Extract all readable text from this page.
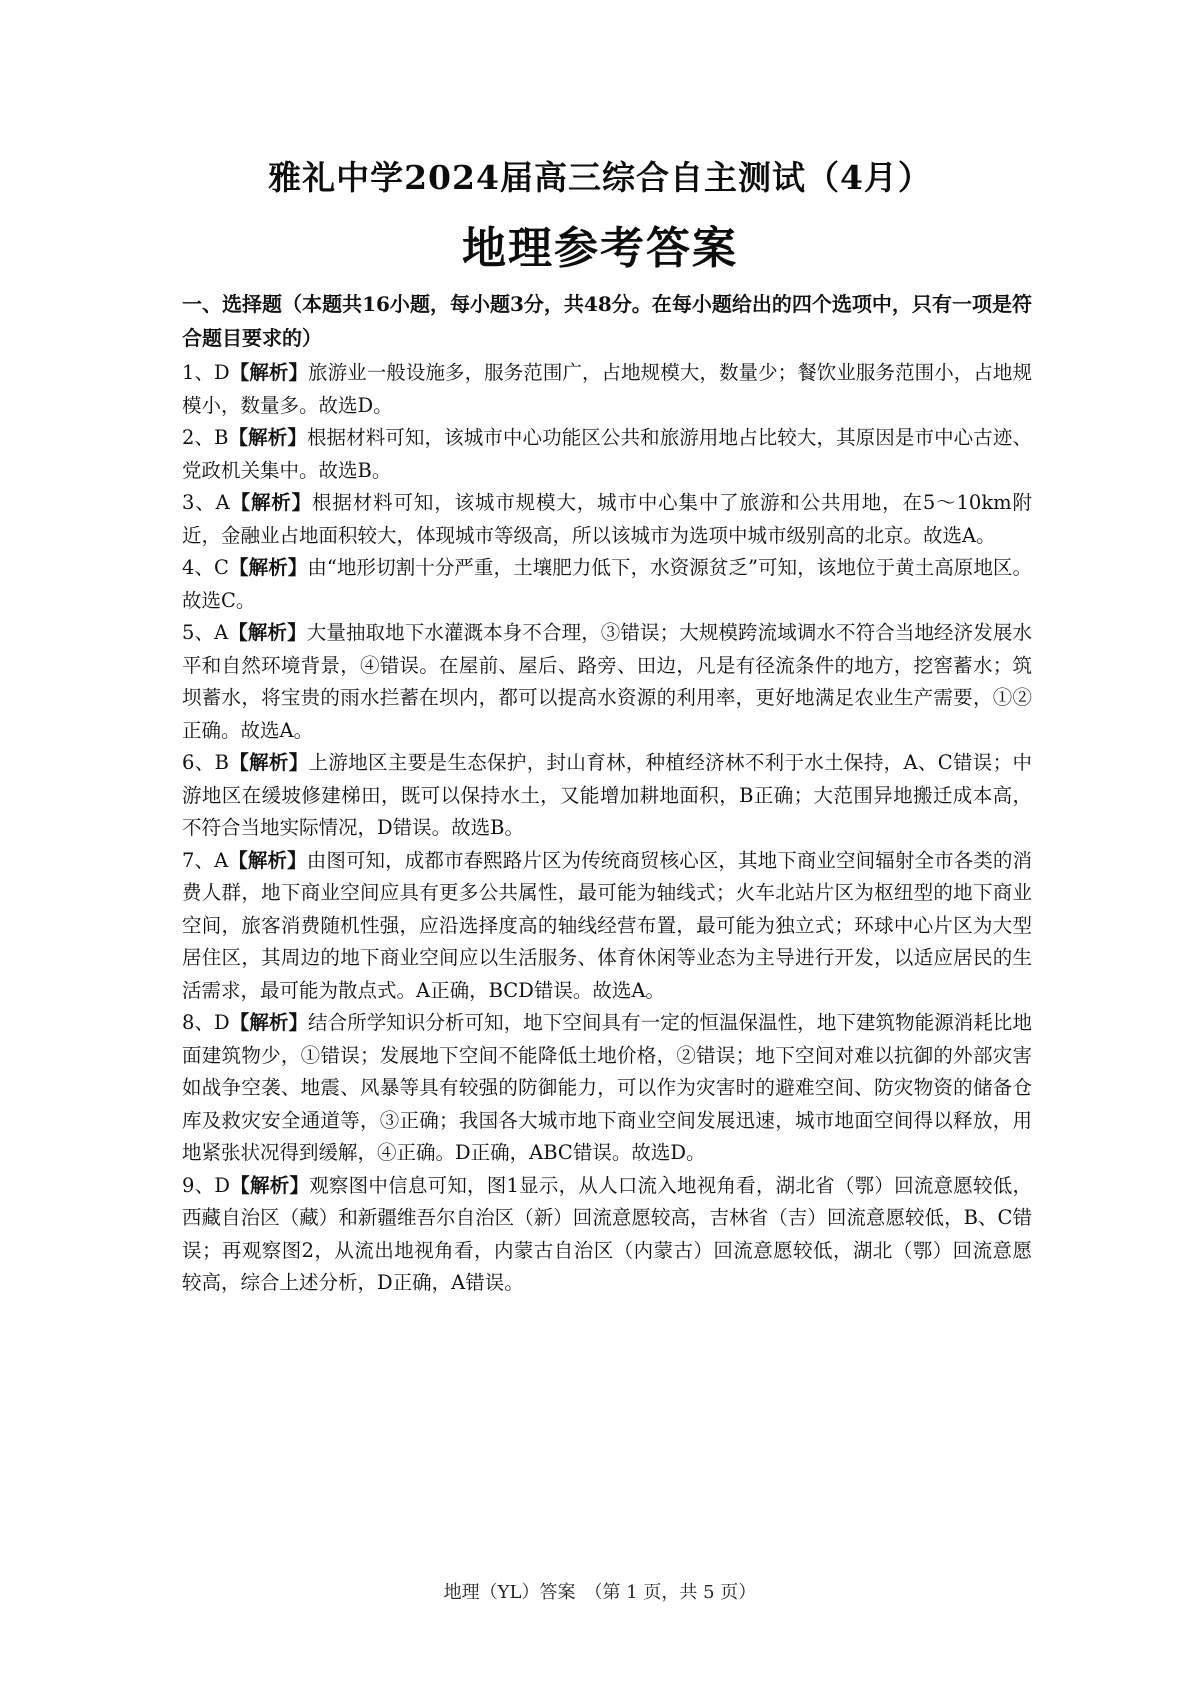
雅礼中学2024届高三综合自主测试（4月）
地理参考答案
一、选择题（本题共16小题，每小题3分，共48分。在每小题给出的四个选项中，只有一项是符合题目要求的）
1、D【解析】旅游业一般设施多，服务范围广，占地规模大，数量少；餐饮业服务范围小，占地规模小，数量多。故选D。
2、B【解析】根据材料可知，该城市中心功能区公共和旅游用地占比较大，其原因是市中心古迹、党政机关集中。故选B。
3、A【解析】根据材料可知，该城市规模大，城市中心集中了旅游和公共用地，在5～10km附近，金融业占地面积较大，体现城市等级高，所以该城市为选项中城市级别高的北京。故选A。
4、C【解析】由“地形切割十分严重，土壤肥力低下，水资源贫乏”可知，该地位于黄土高原地区。故选C。
5、A【解析】大量抽取地下水灌溉本身不合理，③错误；大规模跨流域调水不符合当地经济发展水平和自然环境背景，④错误。在屋前、屋后、路旁、田边，凡是有径流条件的地方，挖窖蓄水；筑坝蓄水，将宝贵的雨水拦蓄在坝内，都可以提高水资源的利用率，更好地满足农业生产需要，①②正确。故选A。
6、B【解析】上游地区主要是生态保护，封山育林，种植经济林不利于水土保持，A、C错误；中游地区在缓坡修建梯田，既可以保持水土，又能增加耕地面积，B正确；大范围异地搬迁成本高，不符合当地实际情况，D错误。故选B。
7、A【解析】由图可知，成都市春熙路片区为传统商贸核心区，其地下商业空间辐射全市各类的消费人群，地下商业空间应具有更多公共属性，最可能为轴线式；火车北站片区为枢纽型的地下商业空间，旅客消费随机性强，应沿选择度高的轴线经营布置，最可能为独立式；环球中心片区为大型居住区，其周边的地下商业空间应以生活服务、体育休闲等业态为主导进行开发，以适应居民的生活需求，最可能为散点式。A正确，BCD错误。故选A。
8、D【解析】结合所学知识分析可知，地下空间具有一定的恒温保温性，地下建筑物能源消耗比地面建筑物少，①错误；发展地下空间不能降低土地价格，②错误；地下空间对难以抗御的外部灾害如战争空袭、地震、风暴等具有较强的防御能力，可以作为灾害时的避难空间、防灾物资的储备仓库及救灾安全通道等，③正确；我国各大城市地下商业空间发展迅速，城市地面空间得以释放，用地紧张状况得到缓解，④正确。D正确，ABC错误。故选D。
9、D【解析】观察图中信息可知，图1显示，从人口流入地视角看，湖北省（鄂）回流意愿较低，西藏自治区（藏）和新疆维吾尔自治区（新）回流意愿较高，吉林省（吉）回流意愿较低，B、C错误；再观察图2，从流出地视角看，内蒙古自治区（内蒙古）回流意愿较低，湖北（鄂）回流意愿较高，综合上述分析，D正确，A错误。
地理（YL）答案　（第 1 页，共 5 页）
